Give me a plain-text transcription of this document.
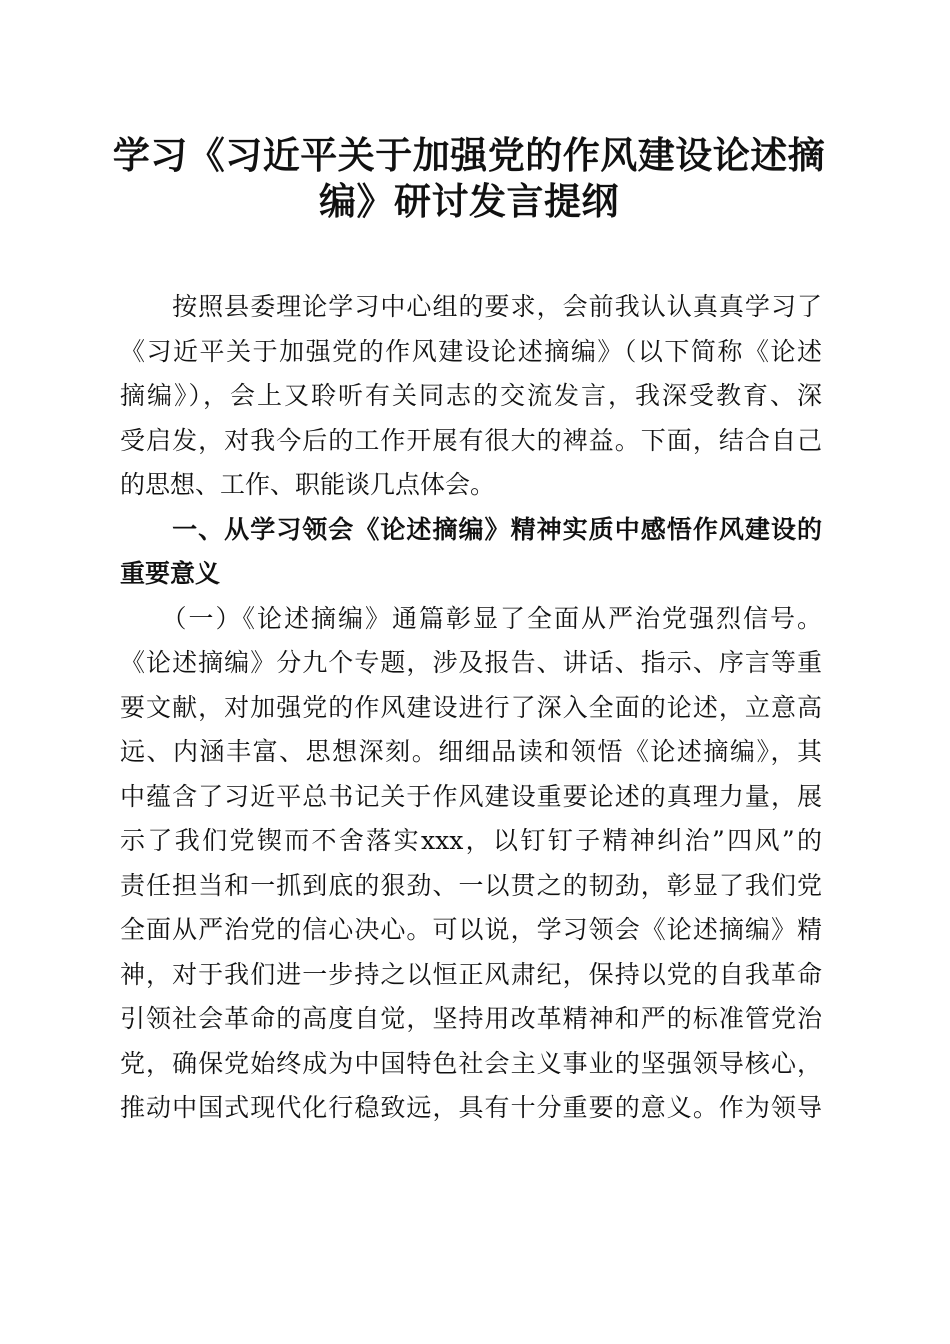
学习《习近平关于加强党的作风建设论述摘
编》研讨发言提纲

　　按照县委理论学习中心组的要求，会前我认认真真学习了
《习近平关于加强党的作风建设论述摘编》（以下简称《论述
摘编》），会上又聆听有关同志的交流发言，我深受教育、深
受启发，对我今后的工作开展有很大的裨益。下面，结合自己
的思想、工作、职能谈几点体会。

　　一、从学习领会《论述摘编》精神实质中感悟作风建设的
重要意义

　　（一）《论述摘编》通篇彰显了全面从严治党强烈信号。
《论述摘编》分九个专题，涉及报告、讲话、指示、序言等重
要文献，对加强党的作风建设进行了深入全面的论述，立意高
远、内涵丰富、思想深刻。细细品读和领悟《论述摘编》，其
中蕴含了习近平总书记关于作风建设重要论述的真理力量，展
示了我们党锲而不舍落实xxx，以钉钉子精神纠治”四风”的
责任担当和一抓到底的狠劲、一以贯之的韧劲，彰显了我们党
全面从严治党的信心决心。可以说，学习领会《论述摘编》精
神，对于我们进一步持之以恒正风肃纪，保持以党的自我革命
引领社会革命的高度自觉，坚持用改革精神和严的标准管党治
党，确保党始终成为中国特色社会主义事业的坚强领导核心，
推动中国式现代化行稳致远，具有十分重要的意义。作为领导
